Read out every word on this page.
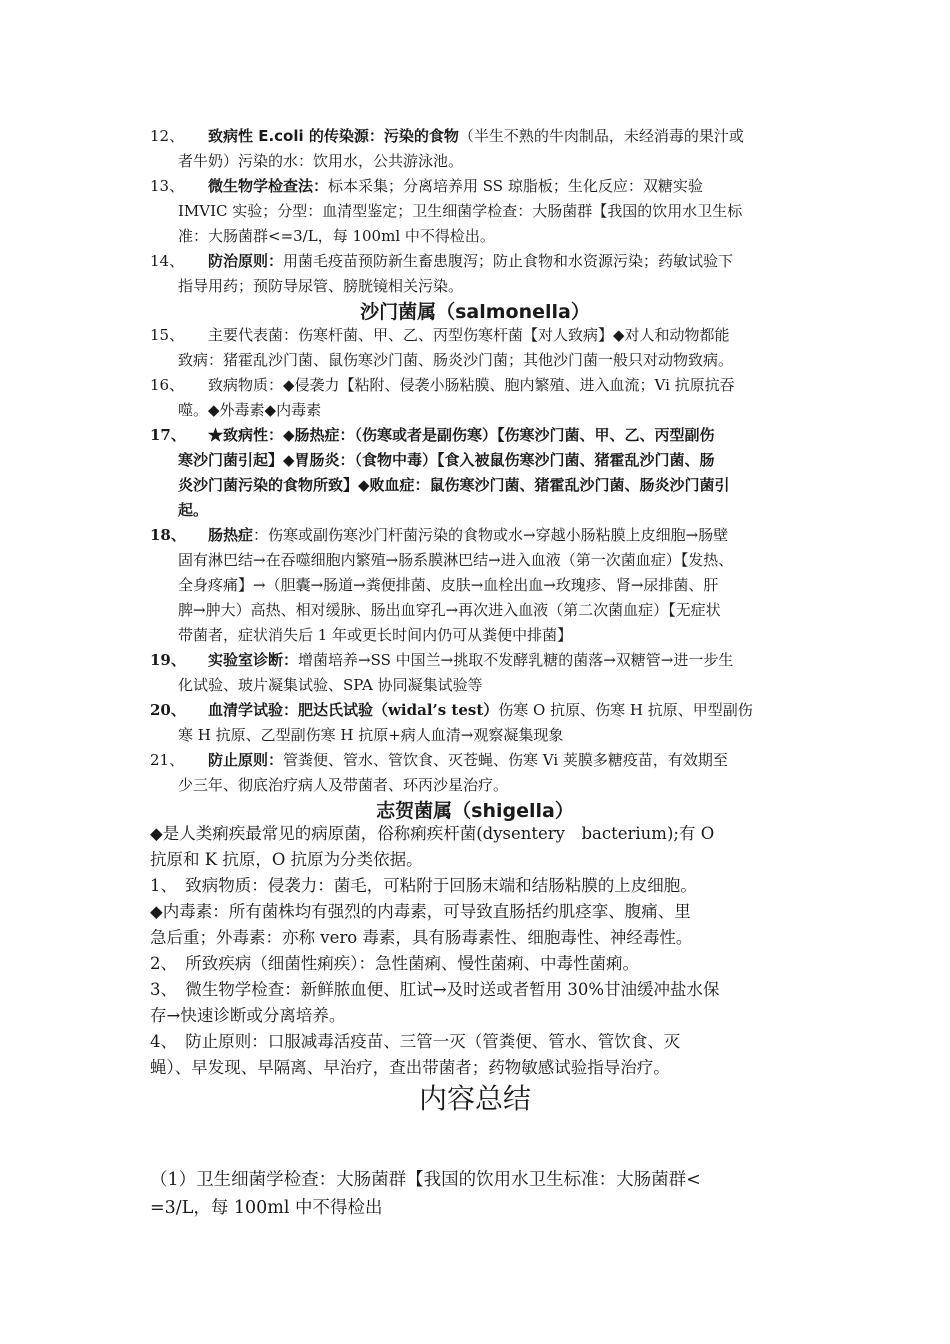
12、	致病性 E.coli 的传染源：污染的食物（半生不熟的牛肉制品，未经消毒的果汁或
者牛奶）污染的水：饮用水，公共游泳池。
13、	微生物学检查法：标本采集；分离培养用 SS 琼脂板；生化反应：双糖实验
IMVIC 实验；分型：血清型鉴定；卫生细菌学检查：大肠菌群【我国的饮用水卫生标
准：大肠菌群<=3/L，每 100ml 中不得检出。
14、	防治原则：用菌毛疫苗预防新生畜患腹泻；防止食物和水资源污染；药敏试验下
指导用药；预防导尿管、膀胱镜相关污染。
沙门菌属（salmonella）
15、	主要代表菌：伤寒杆菌、甲、乙、丙型伤寒杆菌【对人致病】◆对人和动物都能
致病：猪霍乱沙门菌、鼠伤寒沙门菌、肠炎沙门菌；其他沙门菌一般只对动物致病。
16、	致病物质：◆侵袭力【粘附、侵袭小肠粘膜、胞内繁殖、进入血流；Vi 抗原抗吞
噬。◆外毒素◆内毒素
17、	★致病性：◆肠热症：（伤寒或者是副伤寒）【伤寒沙门菌、甲、乙、丙型副伤
寒沙门菌引起】◆胃肠炎：（食物中毒）【食入被鼠伤寒沙门菌、猪霍乱沙门菌、肠
炎沙门菌污染的食物所致】◆败血症：鼠伤寒沙门菌、猪霍乱沙门菌、肠炎沙门菌引
起。
18、	肠热症：伤寒或副伤寒沙门杆菌污染的食物或水→穿越小肠粘膜上皮细胞→肠壁
固有淋巴结→在吞噬细胞内繁殖→肠系膜淋巴结→进入血液（第一次菌血症）【发热、
全身疼痛】→（胆囊→肠道→粪便排菌、皮肤→血栓出血→玫瑰疹、肾→尿排菌、肝
脾→肿大）高热、相对缓脉、肠出血穿孔→再次进入血液（第二次菌血症）【无症状
带菌者，症状消失后 1 年或更长时间内仍可从粪便中排菌】
19、	实验室诊断：增菌培养→SS 中国兰→挑取不发酵乳糖的菌落→双糖管→进一步生
化试验、玻片凝集试验、SPA 协同凝集试验等
20、	血清学试验：肥达氏试验（widal’s test）伤寒 O 抗原、伤寒 H 抗原、甲型副伤
寒 H 抗原、乙型副伤寒 H 抗原+病人血清→观察凝集现象
21、	防止原则：管粪便、管水、管饮食、灭苍蝇、伤寒 Vi 荚膜多糖疫苗，有效期至
少三年、彻底治疗病人及带菌者、环丙沙星治疗。
志贺菌属（shigella）
◆是人类痢疾最常见的病原菌，俗称痢疾杆菌(dysentery　bacterium);有 O
抗原和 K 抗原，O 抗原为分类依据。
1、　致病物质：侵袭力：菌毛，可粘附于回肠末端和结肠粘膜的上皮细胞。
◆内毒素：所有菌株均有强烈的内毒素，可导致直肠括约肌痉挛、腹痛、里
急后重；外毒素：亦称 vero 毒素，具有肠毒素性、细胞毒性、神经毒性。
2、　所致疾病（细菌性痢疾）：急性菌痢、慢性菌痢、中毒性菌痢。
3、　微生物学检查：新鲜脓血便、肛试→及时送或者暂用 30%甘油缓冲盐水保
存→快速诊断或分离培养。
4、　防止原则：口服减毒活疫苗、三管一灭（管粪便、管水、管饮食、灭
蝇）、早发现、早隔离、早治疗，查出带菌者；药物敏感试验指导治疗。
内容总结
（1）卫生细菌学检查：大肠菌群【我国的饮用水卫生标准：大肠菌群<
=3/L，每 100ml 中不得检出
